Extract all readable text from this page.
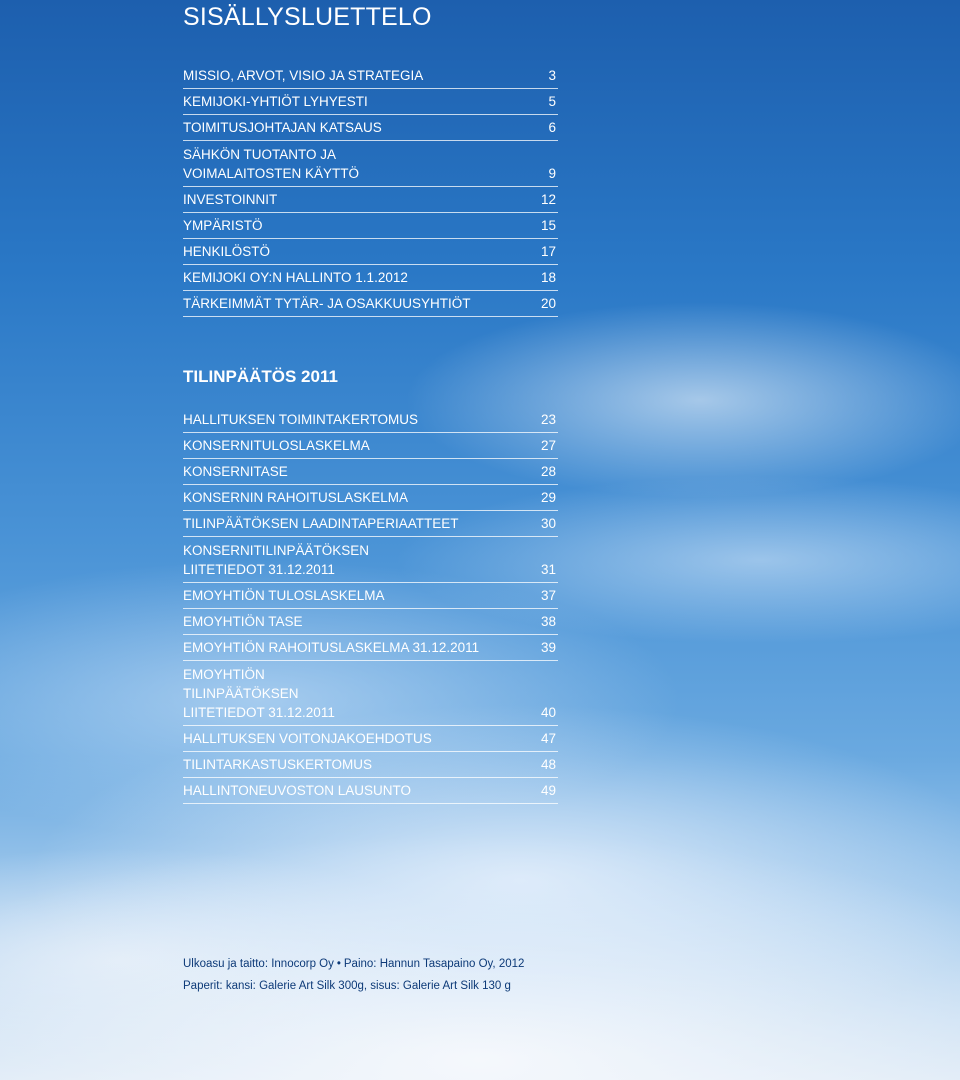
SISÄLLYSLUETTELO
MISSIO, ARVOT, VISIO JA STRATEGIA	3
KEMIJOKI-YHTIÖT LYHYESTI	5
TOIMITUSJOHTAJAN KATSAUS	6
SÄHKÖN TUOTANTO JA VOIMALAITOSTEN KÄYTTÖ	9
INVESTOINNIT	12
YMPÄRISTÖ	15
HENKILÖSTÖ	17
KEMIJOKI OY:N HALLINTO 1.1.2012	18
TÄRKEIMMÄT TYTÄR- JA OSAKKUUSYHTIÖT	20
TILINPÄÄTÖS 2011
HALLITUKSEN TOIMINTAKERTOMUS	23
KONSERNITULOSLASKELMA	27
KONSERNITASE	28
KONSERNIN RAHOITUSLASKELMA	29
TILINPÄÄTÖKSEN LAADINTAPERIAATTEET	30
KONSERNITILINPÄÄTÖKSEN LIITETIEDOT 31.12.2011	31
EMOYHTIÖN TULOSLASKELMA	37
EMOYHTIÖN TASE	38
EMOYHTIÖN RAHOITUSLASKELMA 31.12.2011	39
EMOYHTIÖN TILINPÄÄTÖKSEN LIITETIEDOT 31.12.2011	40
HALLITUKSEN VOITONJAKOEHDOTUS	47
TILINTARKASTUSKERTOMUS	48
HALLINTONEUVOSTON LAUSUNTO	49
Ulkoasu ja taitto: Innocorp Oy • Paino: Hannun Tasapaino Oy, 2012
Paperit: kansi: Galerie Art Silk 300g, sisus: Galerie Art Silk 130 g
